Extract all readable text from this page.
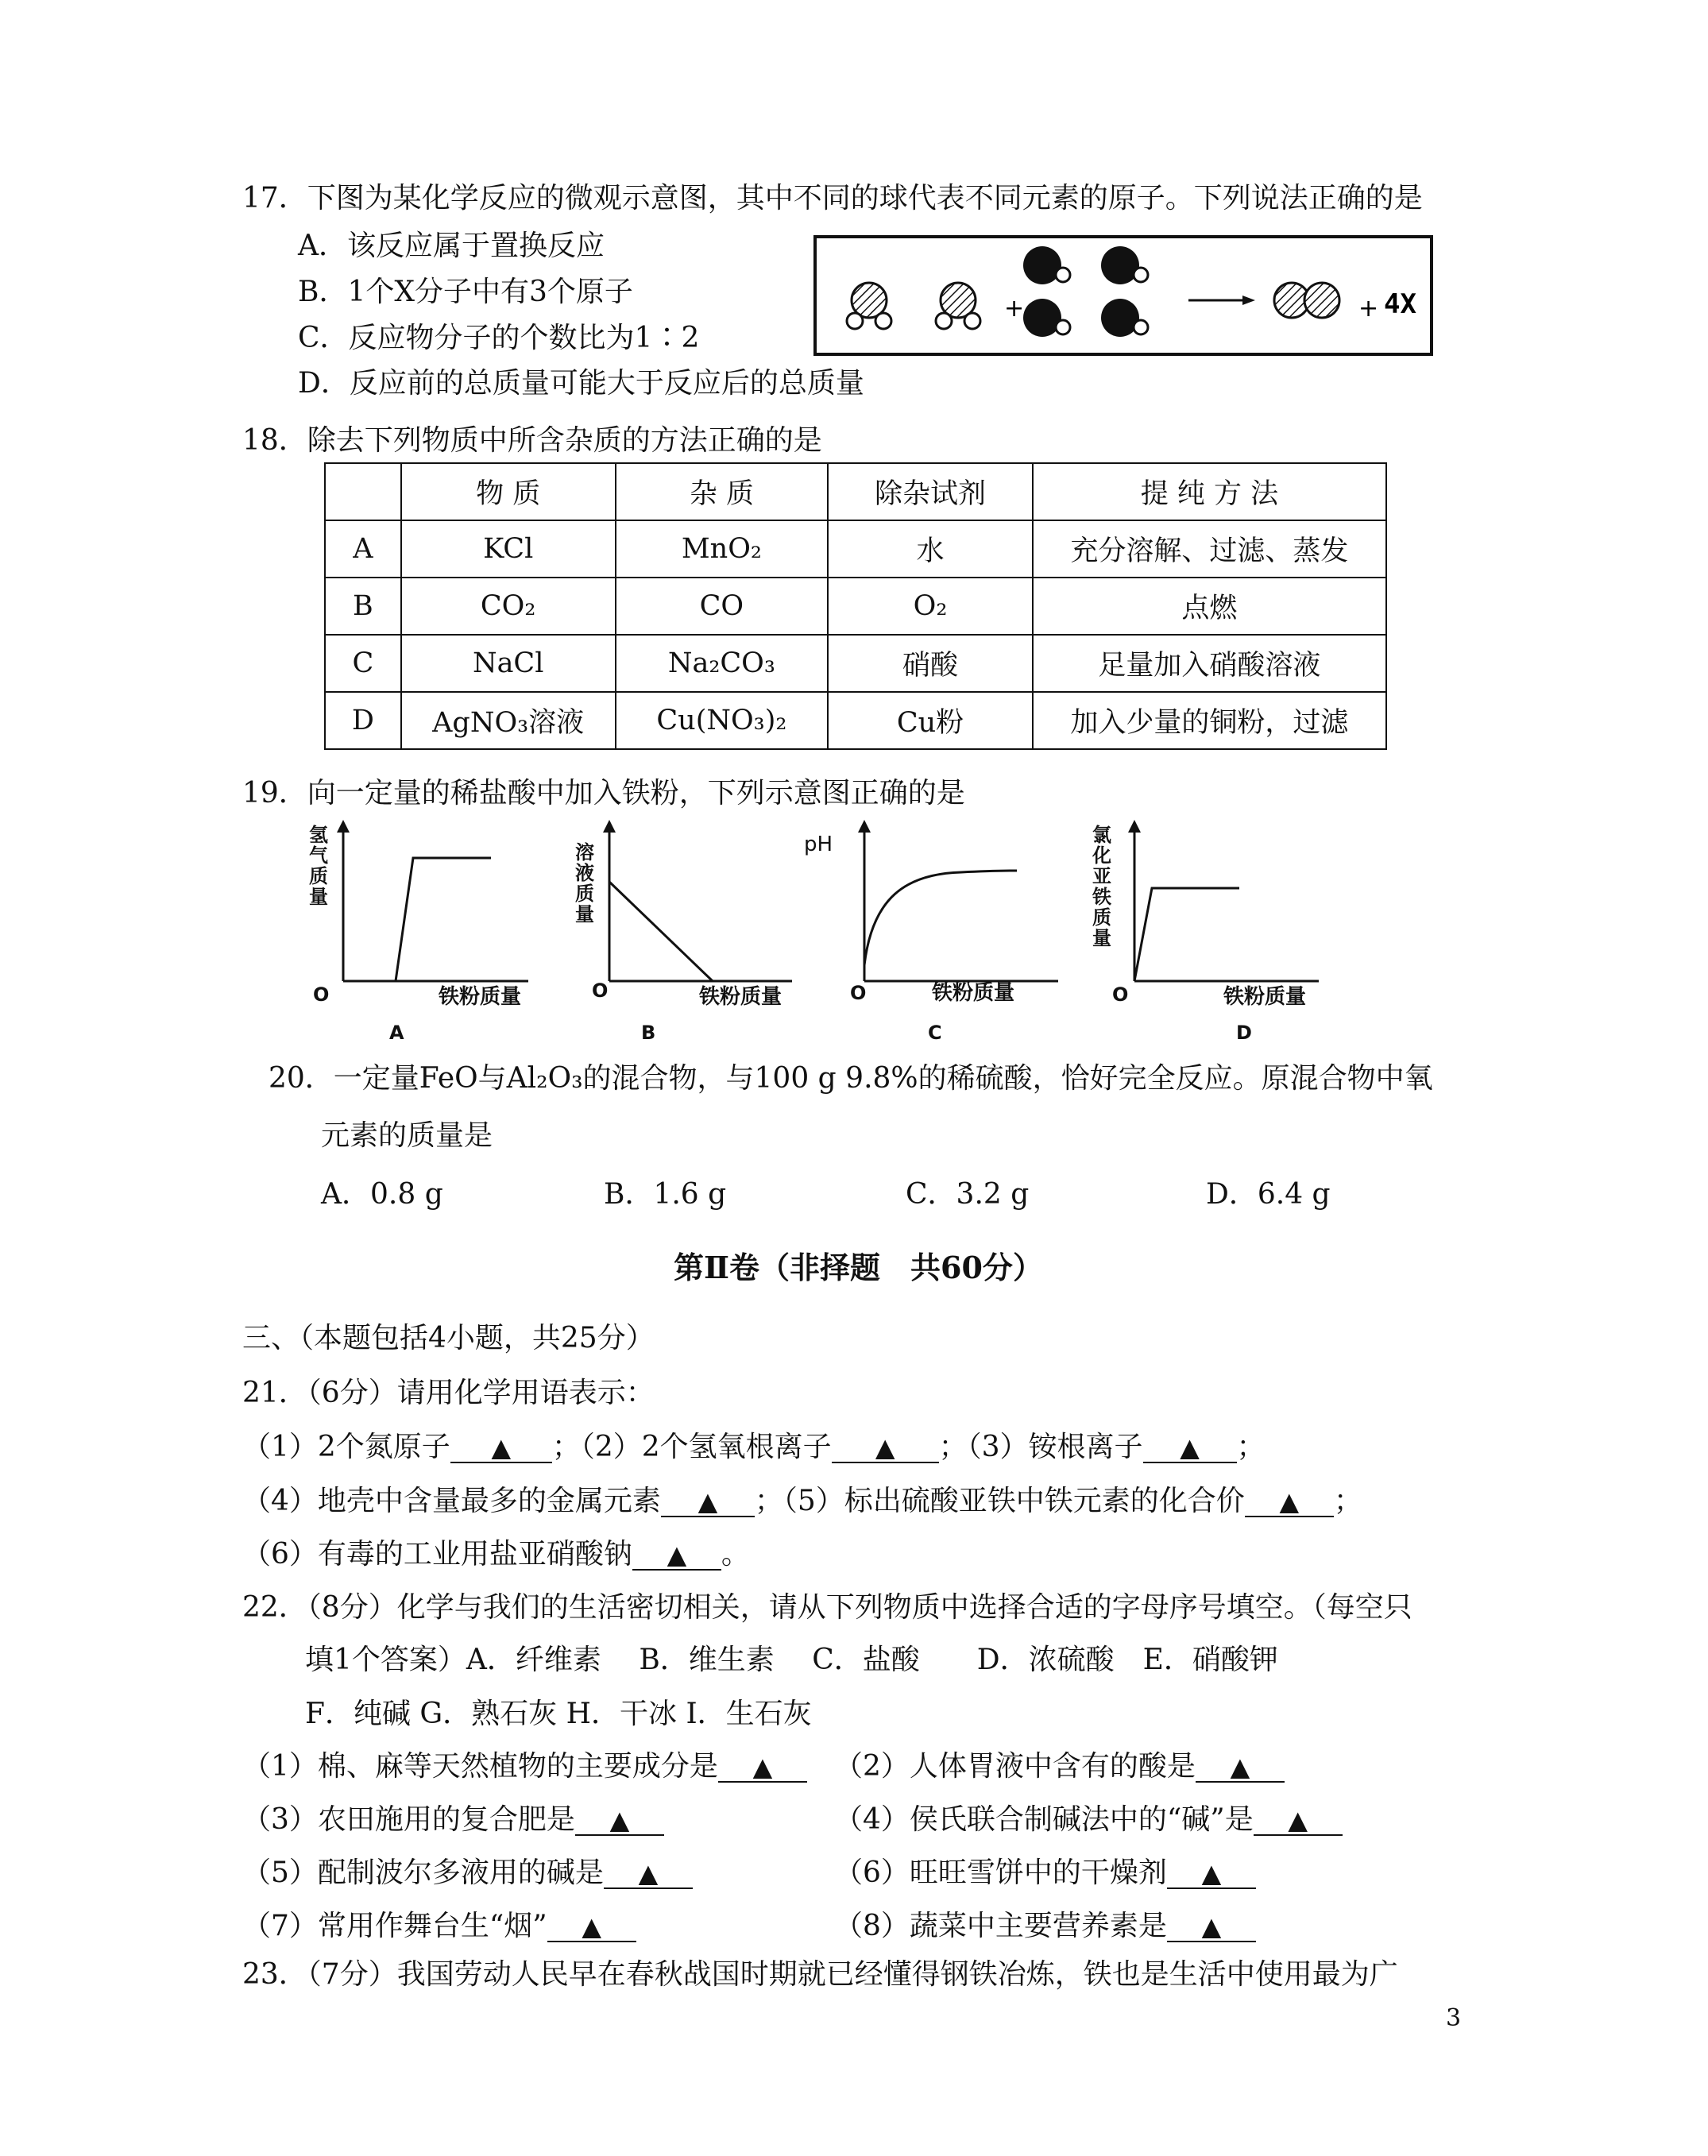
17．下图为某化学反应的微观示意图，其中不同的球代表不同元素的原子。下列说法正确的是
A．该反应属于置换反应
B．1个X分子中有3个原子
C．反应物分子的个数比为1∶2
D．反应前的总质量可能大于反应后的总质量
+	+ 4X
18．除去下列物质中所含杂质的方法正确的是
	物 质	杂 质	除杂试剂	提 纯 方 法
A	KCl	MnO₂	水	充分溶解、过滤、蒸发
B	CO₂	CO	O₂	点燃
C	NaCl	Na₂CO₃	硝酸	足量加入硝酸溶液
D	AgNO₃溶液	Cu(NO₃)₂	Cu粉	加入少量的铜粉，过滤
19．向一定量的稀盐酸中加入铁粉，下列示意图正确的是
氢气质量
O	铁粉质量
A
溶液质量
O	铁粉质量
B
pH
O	铁粉质量
C
氯化亚铁质量
O	铁粉质量
D
20．一定量FeO与Al₂O₃的混合物，与100 g 9.8%的稀硫酸，恰好完全反应。原混合物中氧
元素的质量是
A．0.8 g	B．1.6 g	C．3.2 g	D．6.4 g
第Ⅱ卷（非择题　共60分）
三、（本题包括4小题，共25分）
21．（6分）请用化学用语表示：
（1）2个氮原子 ▲ ；（2）2个氢氧根离子 ▲ ；（3）铵根离子 ▲ ；
（4）地壳中含量最多的金属元素 ▲ ；（5）标出硫酸亚铁中铁元素的化合价 ▲ ；
（6）有毒的工业用盐亚硝酸钠 ▲ 。
22．（8分）化学与我们的生活密切相关，请从下列物质中选择合适的字母序号填空。（每空只
填1个答案）A．纤维素　 B．维生素　 C．盐酸　　D．浓硫酸　E．硝酸钾
F．纯碱 G．熟石灰 H．干冰 I．生石灰
（1）棉、麻等天然植物的主要成分是 ▲	（2）人体胃液中含有的酸是 ▲
（3）农田施用的复合肥是 ▲	（4）侯氏联合制碱法中的“碱”是 ▲
（5）配制波尔多液用的碱是 ▲	（6）旺旺雪饼中的干燥剂 ▲
（7）常用作舞台生“烟” ▲	（8）蔬菜中主要营养素是 ▲
23．（7分）我国劳动人民早在春秋战国时期就已经懂得钢铁冶炼，铁也是生活中使用最为广
3
